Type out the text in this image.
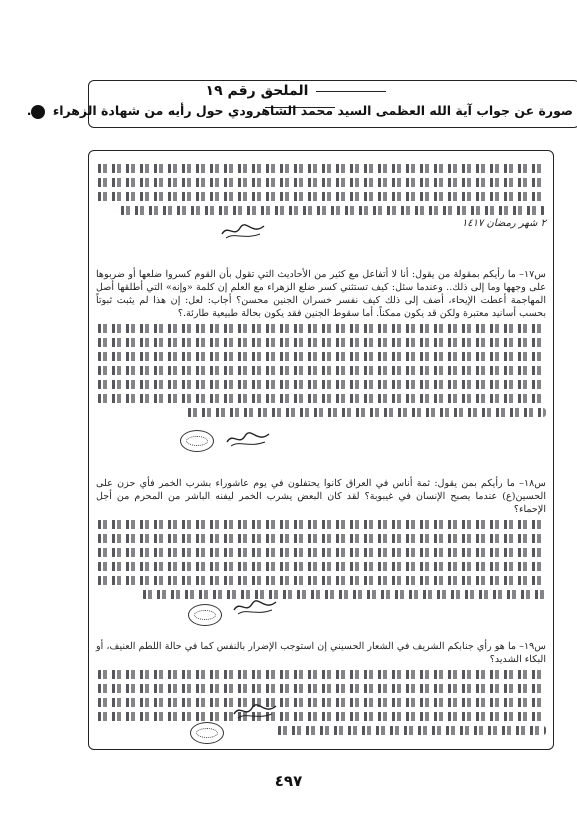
الملحق رقم ١٩
صورة عن جواب آية الله العظمى السيد محمد الشاهرودي حول رأيه من شهادة الزهراء .
٢ شهر رمضان ١٤١٧

س١٧– ما رأيكم بمقولة من يقول: أنا لا أتفاعل مع كثير من الأحاديث التي تقول بأن القوم كسروا ضلعها أو ضربوها على وجهها وما إلى ذلك.. وعندما سئل: كيف تستثني كسر ضلع الزهراء مع العلم إن كلمة «وإنه» التي أطلقها أصل المهاجمة أعطت الإيحاء، أضف إلى ذلك كيف نفسر خسران الجنين محسن؟ أجاب: لعل: إن هذا لم يثبت ثبوتاً بحسب أسانيد معتبرة ولكن قد يكون ممكناً. أما سقوط الجنين فقد يكون بحالة طبيعية طارئة.؟

س١٨– ما رأيكم بمن يقول: ثمة أناس في العراق كانوا يحتفلون في يوم عاشوراء بشرب الخمر فأي حزن على الحسين(ع) عندما يصبح الإنسان في غيبوبة؟ لقد كان البعض يشرب الخمر ليفنه الباشر من المحرم من أجل الإحماء؟

س١٩– ما هو رأي جنابكم الشريف في الشعار الحسيني إن استوجب الإضرار بالنفس كما في حالة اللطم العنيف، أو البكاء الشديد؟

٤٩٧
